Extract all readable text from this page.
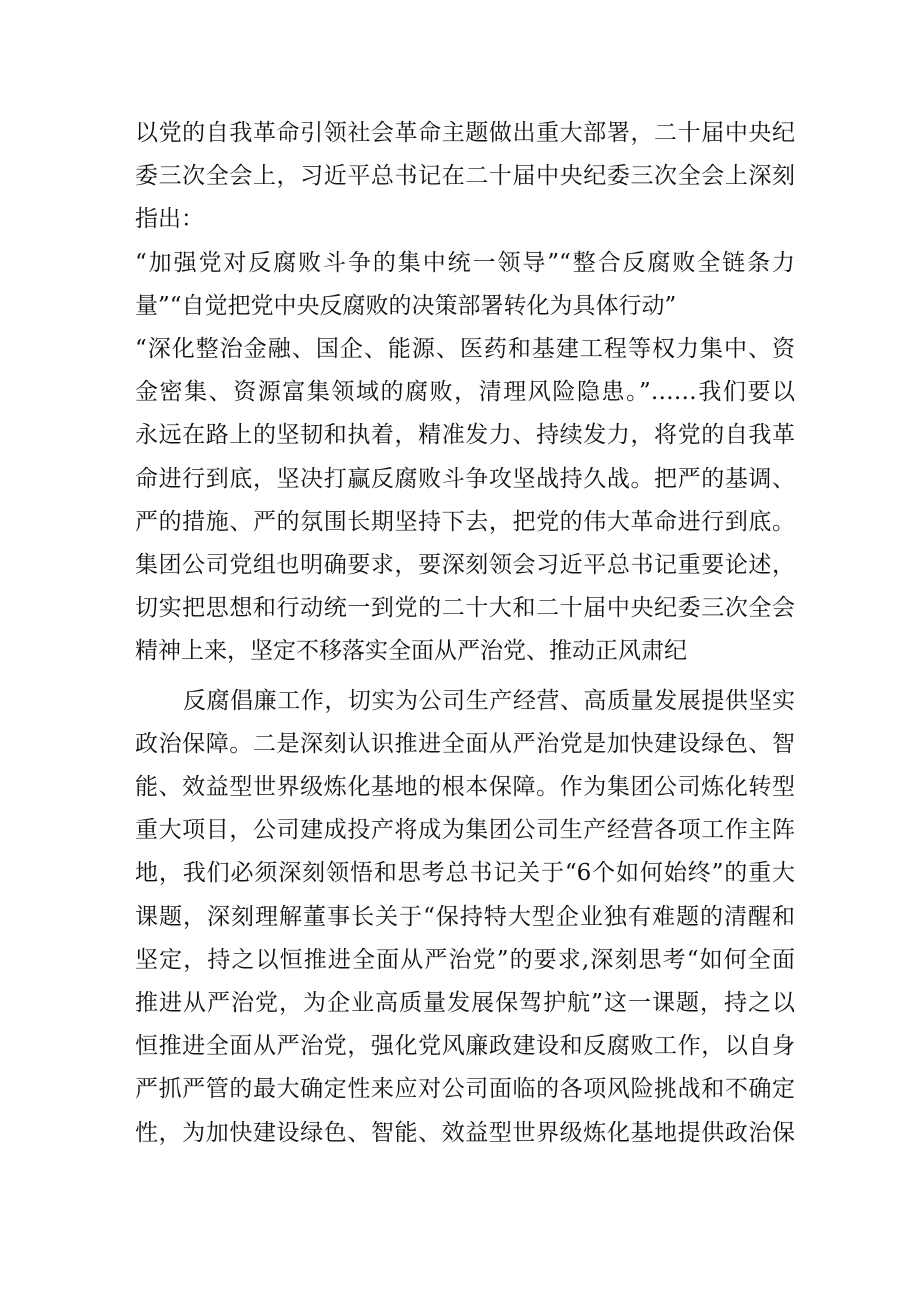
以党的自我革命引领社会革命主题做出重大部署，二十届中央纪
委三次全会上，习近平总书记在二十届中央纪委三次全会上深刻
指出：

“加强党对反腐败斗争的集中统一领导”“整合反腐败全链条力
量”“自觉把党中央反腐败的决策部署转化为具体行动”

“深化整治金融、国企、能源、医药和基建工程等权力集中、资
金密集、资源富集领域的腐败，清理风险隐患。”……我们要以
永远在路上的坚韧和执着，精准发力、持续发力，将党的自我革
命进行到底，坚决打赢反腐败斗争攻坚战持久战。把严的基调、
严的措施、严的氛围长期坚持下去，把党的伟大革命进行到底。
集团公司党组也明确要求，要深刻领会习近平总书记重要论述，
切实把思想和行动统一到党的二十大和二十届中央纪委三次全会
精神上来，坚定不移落实全面从严治党、推动正风肃纪

反腐倡廉工作，切实为公司生产经营、高质量发展提供坚实
政治保障。二是深刻认识推进全面从严治党是加快建设绿色、智
能、效益型世界级炼化基地的根本保障。作为集团公司炼化转型
重大项目，公司建成投产将成为集团公司生产经营各项工作主阵
地，我们必须深刻领悟和思考总书记关于“6个如何始终”的重大
课题，深刻理解董事长关于“保持特大型企业独有难题的清醒和
坚定，持之以恒推进全面从严治党”的要求,深刻思考“如何全面
推进从严治党，为企业高质量发展保驾护航”这一课题，持之以
恒推进全面从严治党，强化党风廉政建设和反腐败工作，以自身
严抓严管的最大确定性来应对公司面临的各项风险挑战和不确定
性，为加快建设绿色、智能、效益型世界级炼化基地提供政治保
